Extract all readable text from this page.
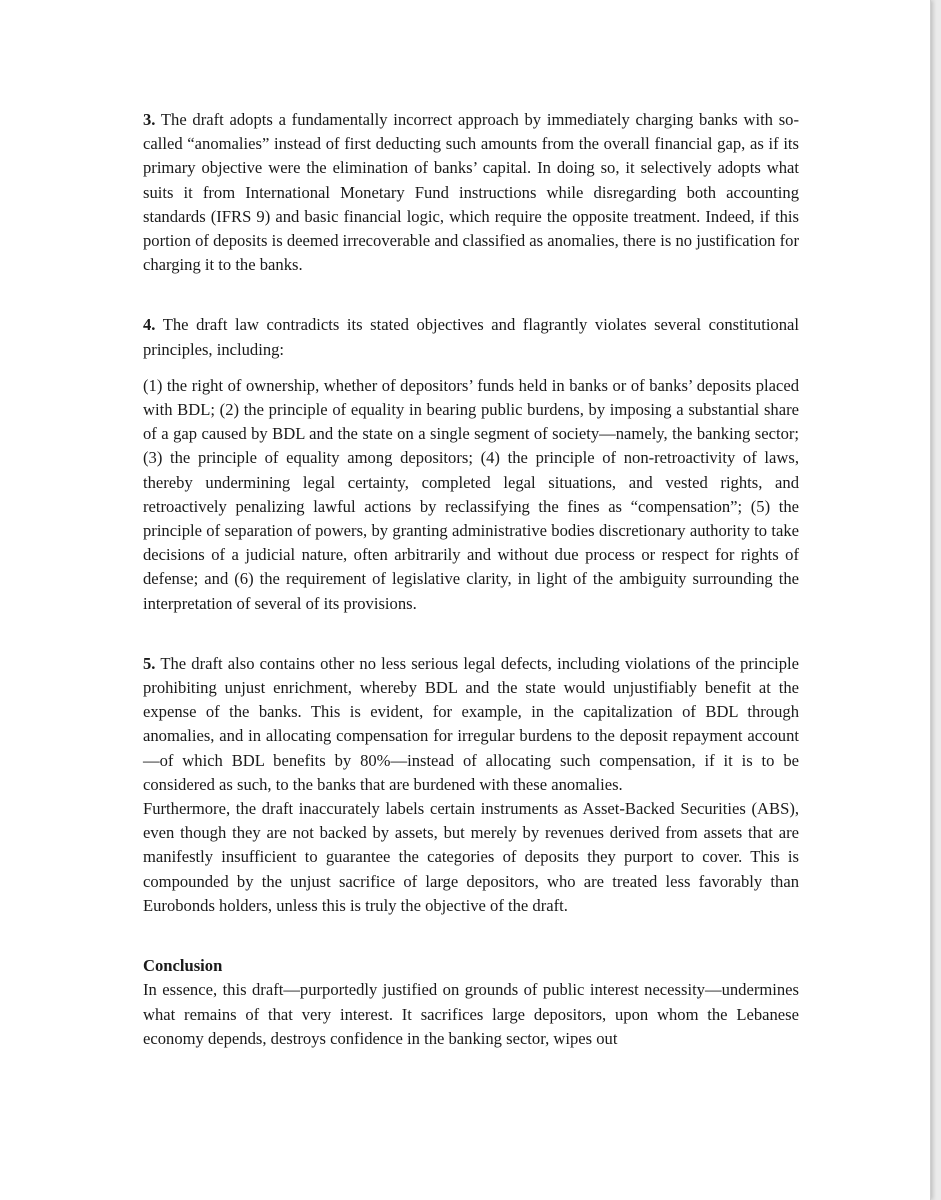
3. The draft adopts a fundamentally incorrect approach by immediately charging banks with so-called “anomalies” instead of first deducting such amounts from the overall financial gap, as if its primary objective were the elimination of banks’ capital. In doing so, it selectively adopts what suits it from International Monetary Fund instructions while disregarding both accounting standards (IFRS 9) and basic financial logic, which require the opposite treatment. Indeed, if this portion of deposits is deemed irrecoverable and classified as anomalies, there is no justification for charging it to the banks.

4. The draft law contradicts its stated objectives and flagrantly violates several constitutional principles, including:

(1) the right of ownership, whether of depositors’ funds held in banks or of banks’ deposits placed with BDL; (2) the principle of equality in bearing public burdens, by imposing a substantial share of a gap caused by BDL and the state on a single segment of society—namely, the banking sector; (3) the principle of equality among depositors; (4) the principle of non-retroactivity of laws, thereby undermining legal certainty, completed legal situations, and vested rights, and retroactively penalizing lawful actions by reclassifying the fines as “compensation”; (5) the principle of separation of powers, by granting administrative bodies discretionary authority to take decisions of a judicial nature, often arbitrarily and without due process or respect for rights of defense; and (6) the requirement of legislative clarity, in light of the ambiguity surrounding the interpretation of several of its provisions.

5. The draft also contains other no less serious legal defects, including violations of the principle prohibiting unjust enrichment, whereby BDL and the state would unjustifiably benefit at the expense of the banks. This is evident, for example, in the capitalization of BDL through anomalies, and in allocating compensation for irregular burdens to the deposit repayment account—of which BDL benefits by 80%—instead of allocating such compensation, if it is to be considered as such, to the banks that are burdened with these anomalies.

Furthermore, the draft inaccurately labels certain instruments as Asset-Backed Securities (ABS), even though they are not backed by assets, but merely by revenues derived from assets that are manifestly insufficient to guarantee the categories of deposits they purport to cover. This is compounded by the unjust sacrifice of large depositors, who are treated less favorably than Eurobonds holders, unless this is truly the objective of the draft.

Conclusion

In essence, this draft—purportedly justified on grounds of public interest necessity—undermines what remains of that very interest. It sacrifices large depositors, upon whom the Lebanese economy depends, destroys confidence in the banking sector, wipes out
